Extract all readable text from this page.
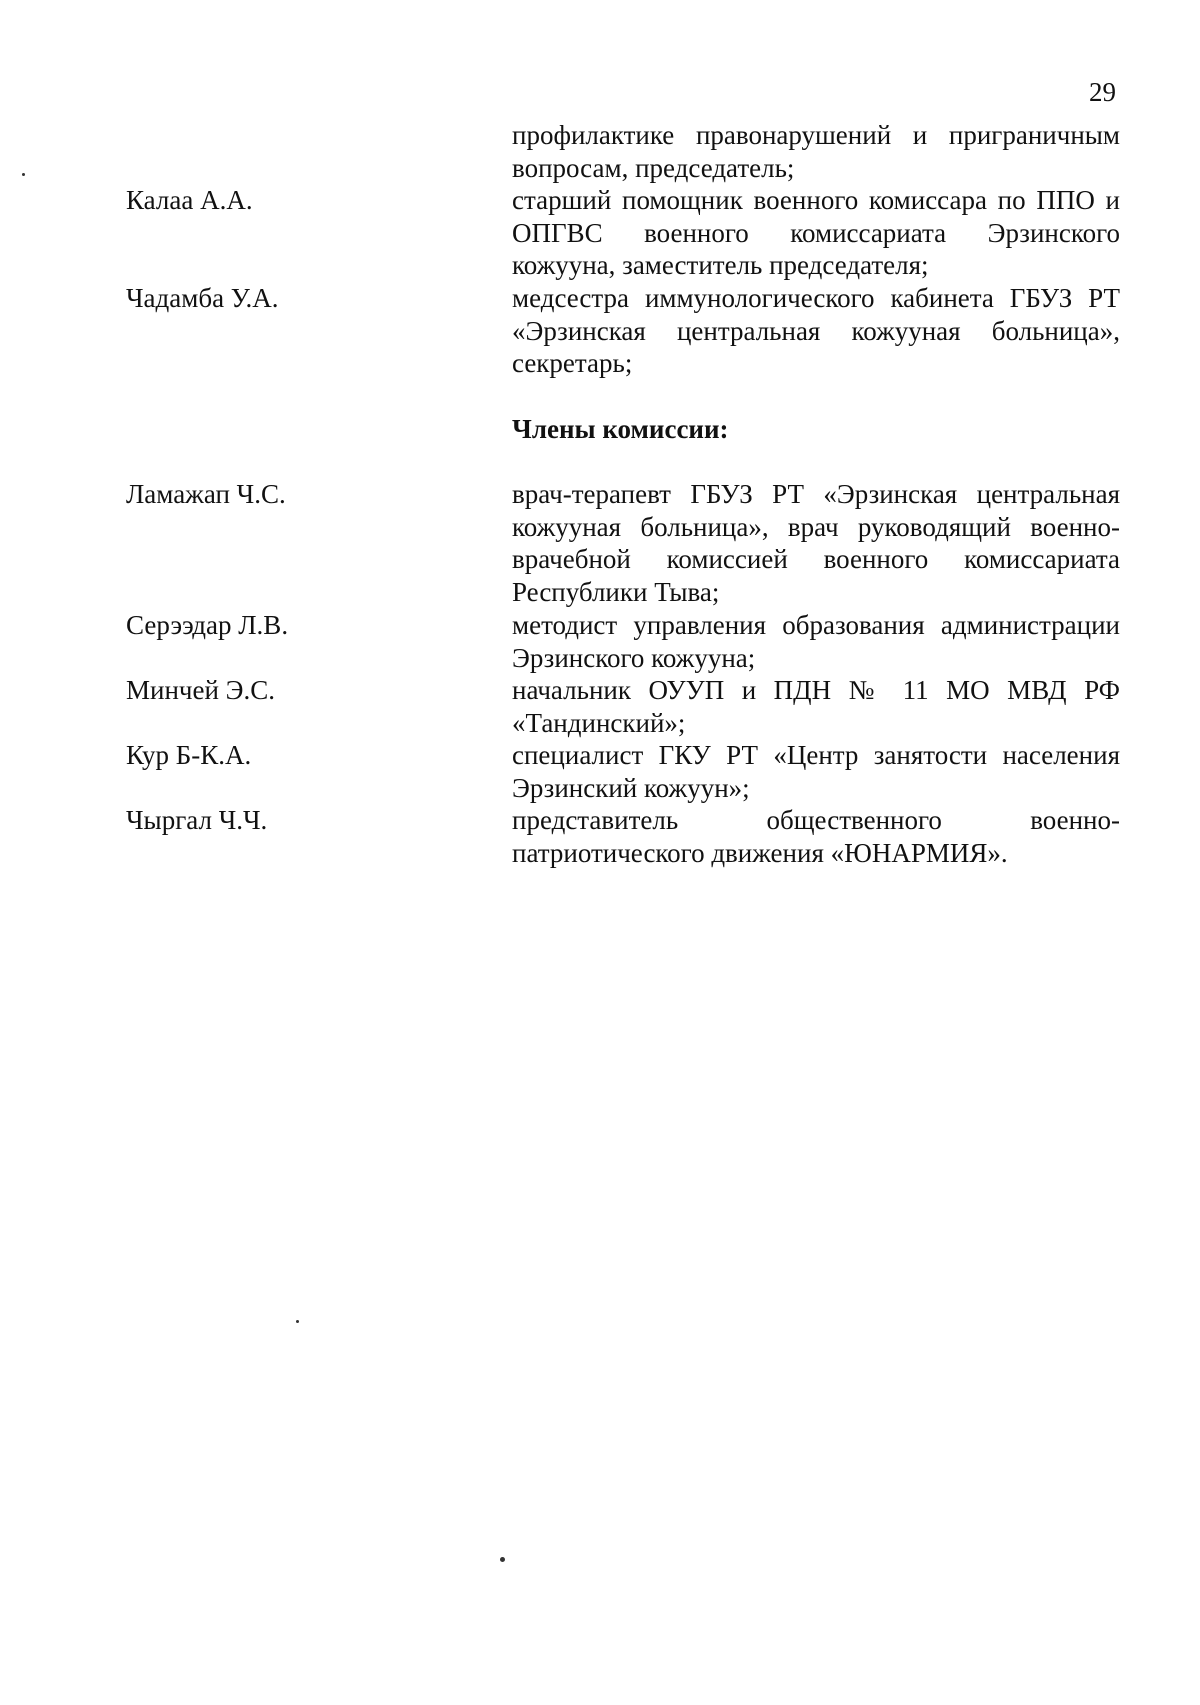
29
профилактике правонарушений и приграничным вопросам, председатель;
Калаа А.А.	старший помощник военного комиссара по ППО и ОПГВС военного комиссариата Эрзинского кожууна, заместитель председателя;
Чадамба У.А.	медсестра иммунологического кабинета ГБУЗ РТ «Эрзинская центральная кожууная больница», секретарь;
Члены комиссии:
Ламажап Ч.С.	врач-терапевт ГБУЗ РТ «Эрзинская центральная кожууная больница», врач руководящий военно-врачебной комиссией военного комиссариата Республики Тыва;
Серээдар Л.В.	методист управления образования администрации Эрзинского кожууна;
Минчей Э.С.	начальник ОУУП и ПДН № 11 МО МВД РФ «Тандинский»;
Кур Б-К.А.	специалист ГКУ РТ «Центр занятости населения Эрзинский кожуун»;
Чыргал Ч.Ч.	представитель общественного военно-патриотического движения «ЮНАРМИЯ».
